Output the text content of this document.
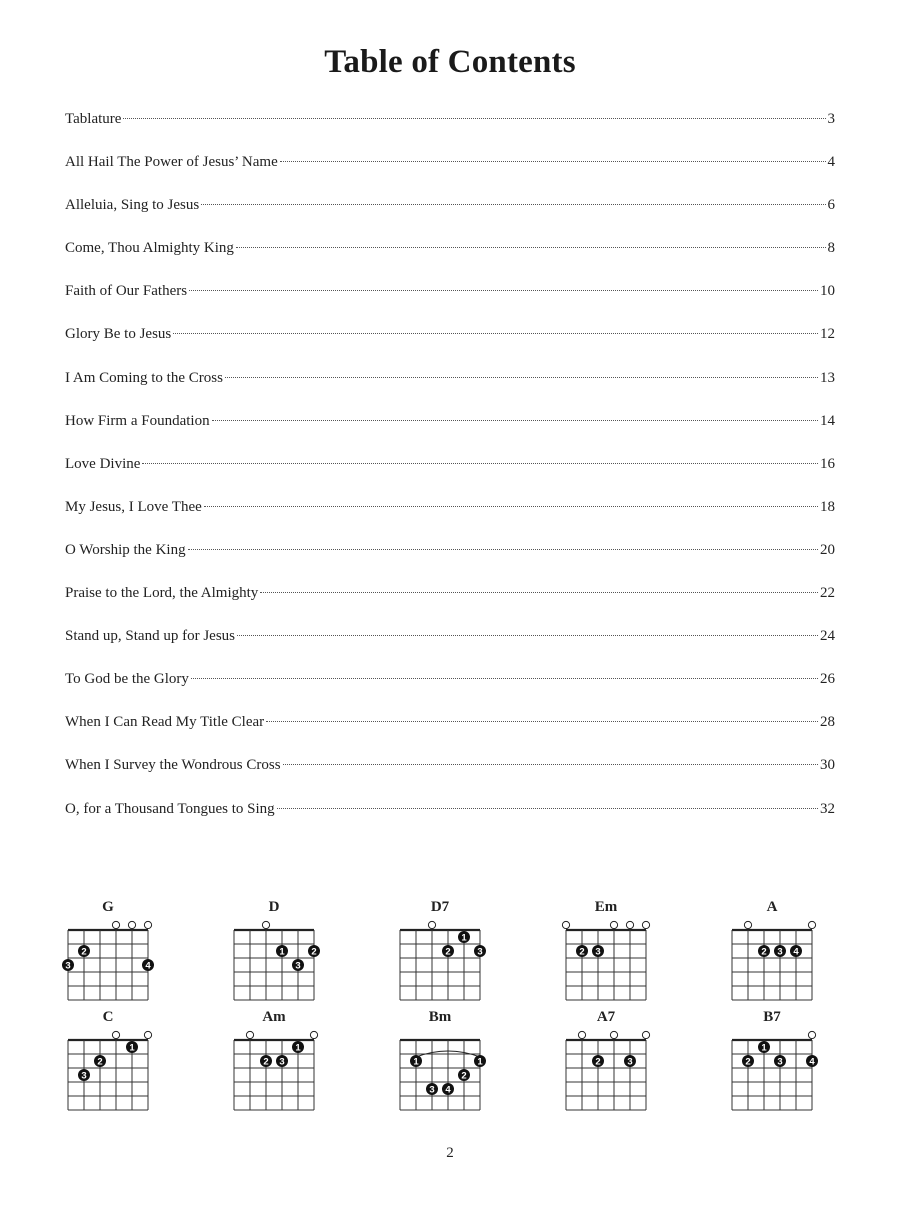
Table of Contents
Tablature	3
All Hail The Power of Jesus’ Name	4
Alleluia, Sing to Jesus	6
Come, Thou Almighty King	8
Faith of Our Fathers	10
Glory Be to Jesus	12
I Am Coming to the Cross	13
How Firm a Foundation	14
Love Divine	16
My Jesus, I Love Thee	18
O Worship the King	20
Praise to the Lord, the Almighty	22
Stand up, Stand up for Jesus	24
To God be the Glory	26
When I Can Read My Title Clear	28
When I Survey the Wondrous Cross	30
O, for a Thousand Tongues to Sing	32
G
2
3	4
D
1	2
3
D7
1
2	3
Em
2 3
A
2 3 4
C
1
2
3
Am
1
2 3
Bm
1	1
2
3 4
A7
2	3
B7
1
2	3	4
2
